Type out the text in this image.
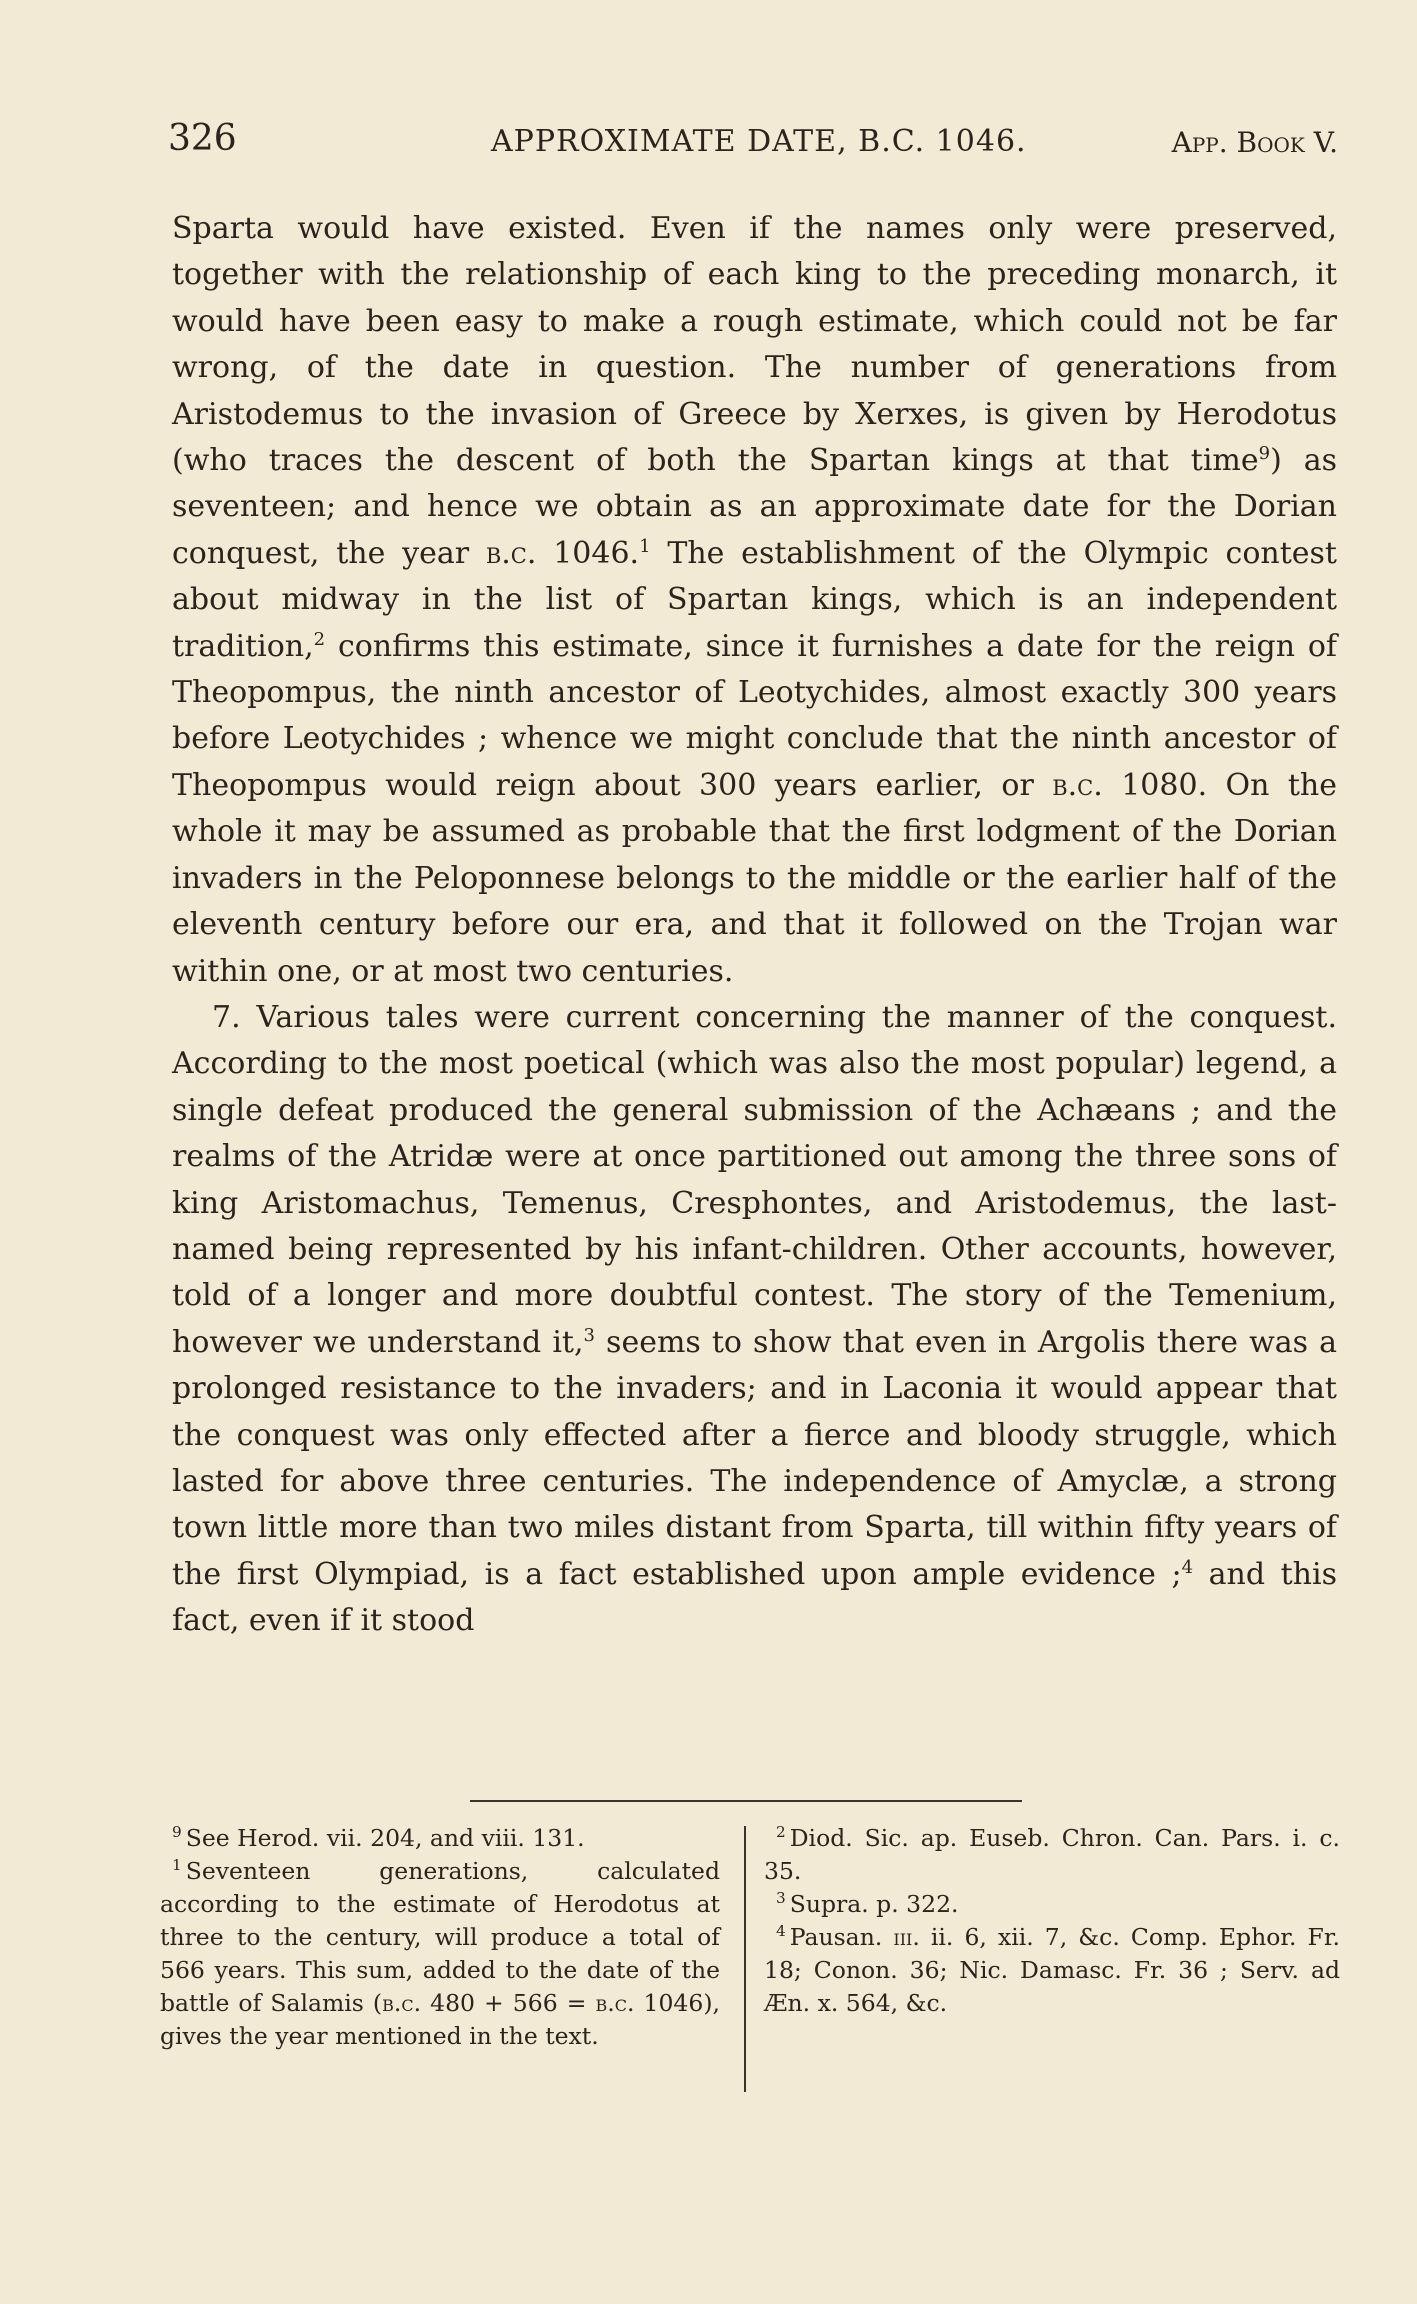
326	APPROXIMATE DATE, B.C. 1046.	App. Book V.

Sparta would have existed. Even if the names only were preserved, together with the relationship of each king to the preceding monarch, it would have been easy to make a rough estimate, which could not be far wrong, of the date in question. The number of generations from Aristodemus to the invasion of Greece by Xerxes, is given by Herodotus (who traces the descent of both the Spartan kings at that time$^9$) as seventeen; and hence we obtain as an approximate date for the Dorian conquest, the year b.c. 1046.$^1$ The establishment of the Olympic contest about midway in the list of Spartan kings, which is an independent tradition,$^2$ confirms this estimate, since it furnishes a date for the reign of Theopompus, the ninth ancestor of Leotychides, almost exactly 300 years before Leotychides ; whence we might conclude that the ninth ancestor of Theopompus would reign about 300 years earlier, or b.c. 1080. On the whole it may be assumed as probable that the first lodgment of the Dorian invaders in the Peloponnese belongs to the middle or the earlier half of the eleventh century before our era, and that it followed on the Trojan war within one, or at most two centuries.

7. Various tales were current concerning the manner of the conquest. According to the most poetical (which was also the most popular) legend, a single defeat produced the general submission of the Achæans ; and the realms of the Atridæ were at once partitioned out among the three sons of king Aristomachus, Temenus, Cresphontes, and Aristodemus, the last-named being represented by his infant-children. Other accounts, however, told of a longer and more doubtful contest. The story of the Temenium, however we understand it,$^3$ seems to show that even in Argolis there was a prolonged resistance to the invaders; and in Laconia it would appear that the conquest was only effected after a fierce and bloody struggle, which lasted for above three centuries. The independence of Amyclæ, a strong town little more than two miles distant from Sparta, till within fifty years of the first Olympiad, is a fact established upon ample evidence ;$^4$ and this fact, even if it stood

$^9$ See Herod. vii. 204, and viii. 131.

$^1$ Seventeen generations, calculated according to the estimate of Herodotus at three to the century, will produce a total of 566 years. This sum, added to the date of the battle of Salamis (b.c. 480 + 566 = b.c. 1046), gives the year mentioned in the text.

$^2$ Diod. Sic. ap. Euseb. Chron. Can. Pars. i. c. 35.

$^3$ Supra. p. 322.

$^4$ Pausan. iii. ii. 6, xii. 7, &c. Comp. Ephor. Fr. 18; Conon. 36; Nic. Damasc. Fr. 36 ; Serv. ad Æn. x. 564, &c.
